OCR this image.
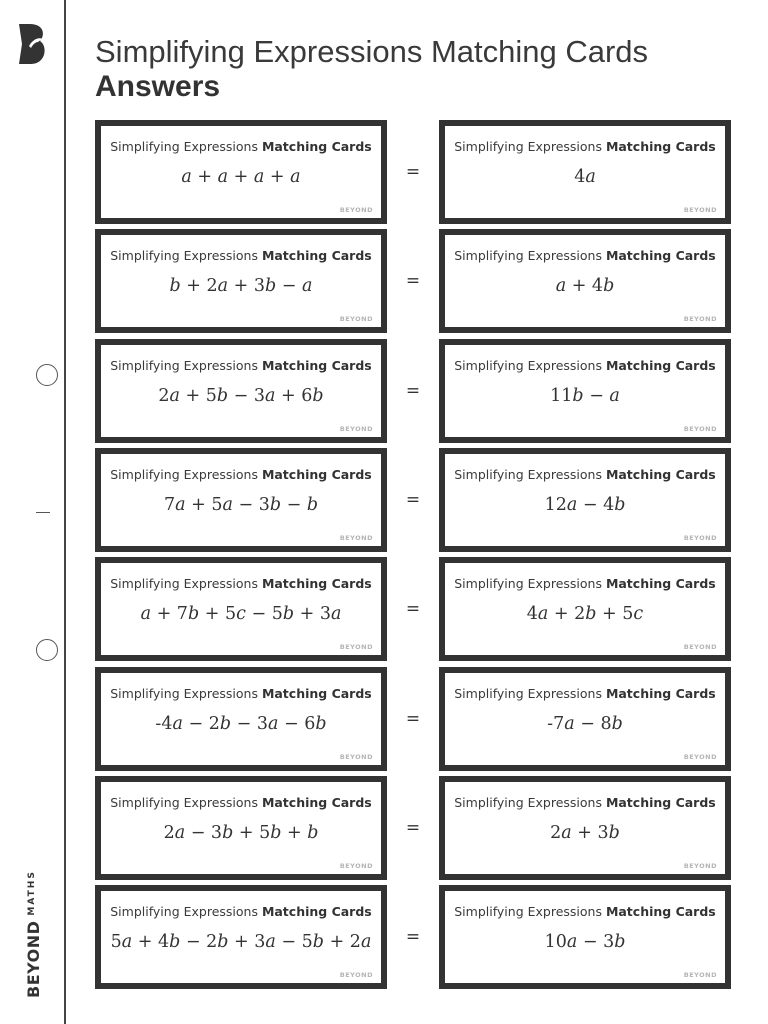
$BEYOND^{MATHS}$
Simplifying Expressions Matching Cards
Answers
Simplifying Expressions Matching Cards
a + a + a + a
BEYOND
=
Simplifying Expressions Matching Cards
4a
BEYOND
Simplifying Expressions Matching Cards
b + 2a + 3b − a
BEYOND
=
Simplifying Expressions Matching Cards
a + 4b
BEYOND
Simplifying Expressions Matching Cards
2a + 5b − 3a + 6b
BEYOND
=
Simplifying Expressions Matching Cards
11b − a
BEYOND
Simplifying Expressions Matching Cards
7a + 5a − 3b − b
BEYOND
=
Simplifying Expressions Matching Cards
12a − 4b
BEYOND
Simplifying Expressions Matching Cards
a + 7b + 5c − 5b + 3a
BEYOND
=
Simplifying Expressions Matching Cards
4a + 2b + 5c
BEYOND
Simplifying Expressions Matching Cards
-4a − 2b − 3a − 6b
BEYOND
=
Simplifying Expressions Matching Cards
-7a − 8b
BEYOND
Simplifying Expressions Matching Cards
2a − 3b + 5b + b
BEYOND
=
Simplifying Expressions Matching Cards
2a + 3b
BEYOND
Simplifying Expressions Matching Cards
5a + 4b − 2b + 3a − 5b + 2a
BEYOND
=
Simplifying Expressions Matching Cards
10a − 3b
BEYOND
